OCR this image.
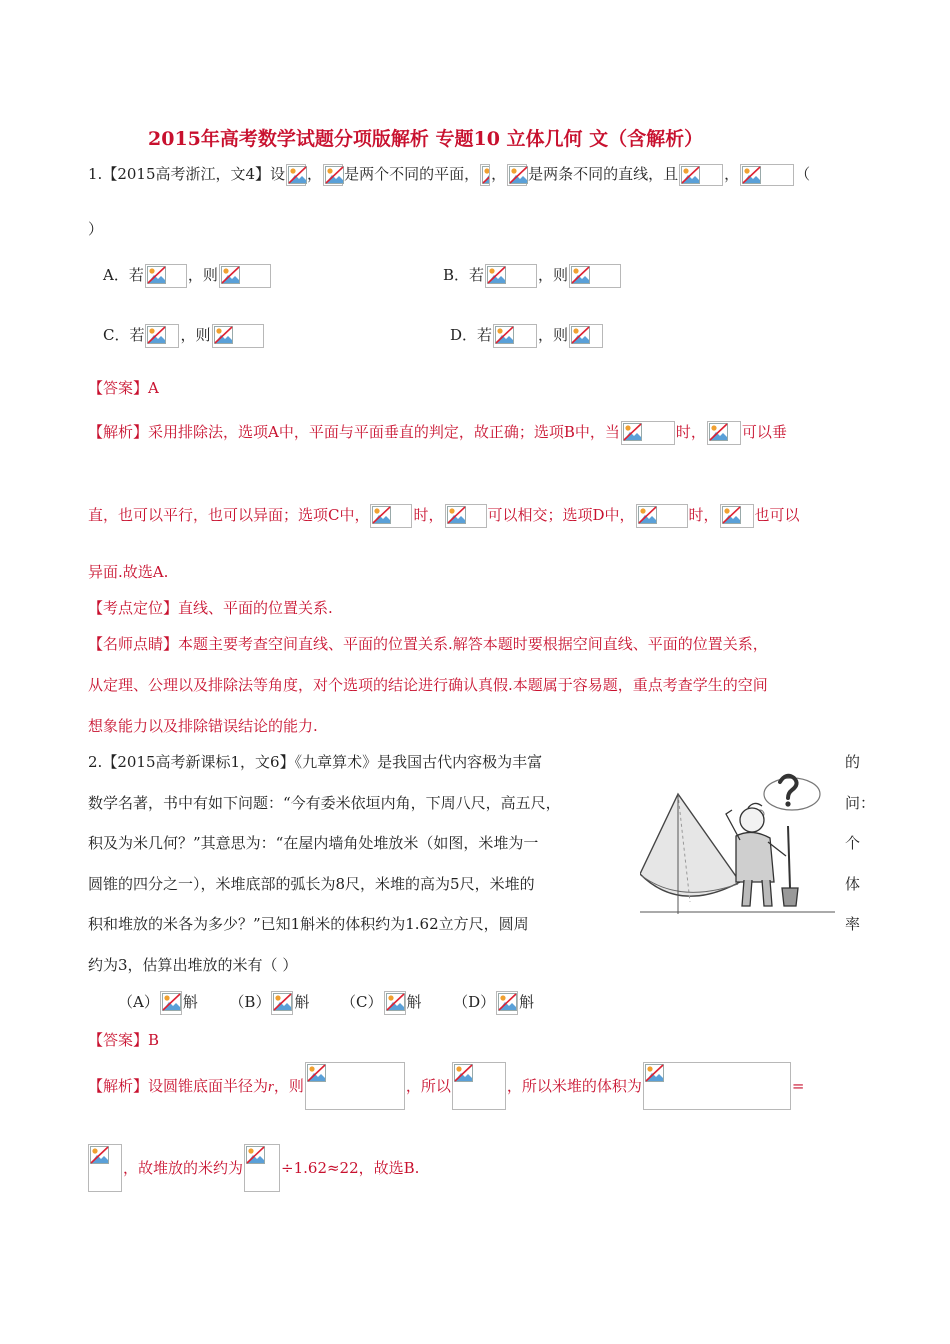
2015年高考数学试题分项版解析 专题10 立体几何 文（含解析）
1.【2015高考浙江，文4】设 ， 是两个不同的平面， ， 是两条不同的直线，且	，	（
）
A．若	，则	B．若	，则
C．若 ，则	D．若	，则
【答案】A
【解析】采用排除法，选项A中，平面与平面垂直的判定，故正确；选项B中，当	时， 可以垂
直，也可以平行，也可以异面；选项C中，	时，	可以相交；选项D中，	时， 也可以
异面.故选A.
【考点定位】直线、平面的位置关系.
【名师点睛】本题主要考查空间直线、平面的位置关系.解答本题时要根据空间直线、平面的位置关系，
从定理、公理以及排除法等角度，对个选项的结论进行确认真假.本题属于容易题，重点考查学生的空间
想象能力以及排除错误结论的能力.
2.【2015高考新课标1，文6】《九章算术》是我国古代内容极为丰富	的
数学名著，书中有如下问题：“今有委米依垣内角，下周八尺，高五尺，	问：
积及为米几何？”其意思为：“在屋内墙角处堆放米（如图，米堆为一	个
圆锥的四分之一），米堆底部的弧长为8尺，米堆的高为5尺，米堆的	体
积和堆放的米各为多少？”已知1斛米的体积约为1.62立方尺，圆周	率
约为3，估算出堆放的米有（ ）
（A） 斛 （B） 斛 （C） 斛 （D） 斛
【答案】B
【解析】设圆锥底面半径为r，则	，所以	，所以米堆的体积为	=
，故堆放的米约为	÷1.62≈22，故选B.
